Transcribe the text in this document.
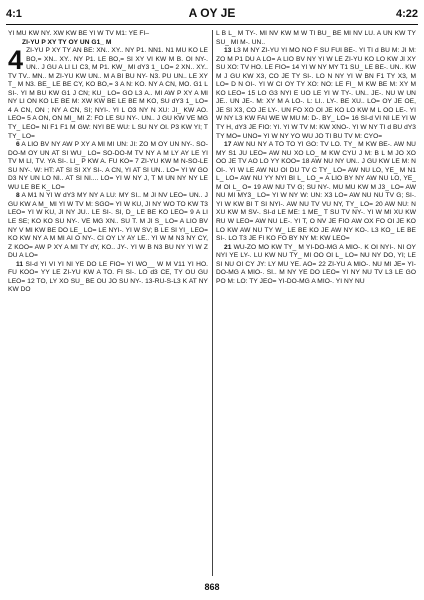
4:1	A OY JE	4:22

YI MU KW NY. XW KW BE YI W TV M1: YE FI–

ZI-YU P XY TY OY UN G1_ M

4 ZI-YU P XY TY AN BE: XN.. XY.. NY P1. NN1. N1 MU KO LE BO,= XN.. XY.. NY P1. LE BO,= SI XY VI KW M B. OI NY-. UN.. J GU A LI LI C3, M P1. KW_ MI dY3 1_ LO= 2 XN.. XY.. TV TV.. MN.. M ZI-YU KW UN.. M A BI BU NY- N3. PU UN.. LE XY T_ M N3. BE_ LE BE CY, KO BO,= 3 A N: KO. NY A CN, MO. G1 L SI-. YI M BU KW G1 J CN; KU_ LO= GO L3 A.. MI AW P XY A MI NY LI ON KO LE BE M: XW KW BE LE BE M KO, SU dY3 1_ LO= 4 A CN, ON ; NY A CN, SI; NYI-. YI L O3 NY N XU: JI_ KW AO. LEO= 5 A ON, ON MI_ MI Z: FO LE SU NY-. UN.. J GU KW VE MG TY_ LEO= NI F1 F1 M GW: NYI BE WU: L SU NY OI. P3 KW YI; T TY_ LO=

6 A LIO BV NY AW P XY A MI MI UN: JI: ZO M OY UN NY-. SO-DO-M OY UN AT SI WU_ LO= SO-DO-M TV NY A M LY AY LE YI TV M LI, TV. YA SI-. LI_ P KW A. FU KO= 7 ZI-YU KW M N-SO-LE SU NY-. W: HT: AT SI SI XY SI-. A CN, YI AT SI UN.. LO= YI W GO D3 NY UN LO NI.. AT SI NI.... LO= YI W NY J, T M UN NY NY LE WU LE BE K_ LO=

8 A M1 N YI W dY3 MY NY A LU: MY SI.. M JI NV LEO= UN.. J GU KW A M_ MI YI W TV M: SGO= YI W KU, JI NY WO TO KW T3 LEO= YI W KU, JI NY JU.. LE SI-. SI, D_ LE BE KO LEO= 9 A LI LE SE; KO KO SU NY-. VE MG XN.. SU T. M JI S_ LO= A LIO BV NY V MI KW BE DO LE_ LO= LE NYI-. YI W SV; B LE SI YI_ LEO= KO KW NY A M MI AI O NY-. CI OY LY AY LE.. YI W M N3 NY CY, Z KOO= AW P XY A MI TY dY, KO.. JY-. YI W B N3 BU NY YI W Z DU A LO=

11 SI-d YI VI YI NI YE DO LE FIO= YI WO__ W M V11 YI HO. FU KOO= YY LE ZI-YU KW A TO. FI SI-. LO d3 CE, TY OU GU LEO= 12 TO, LY XO SU_ BE OU JO SU NY-. 13-RU-S-L3 K AT NY KW DO

L B L_ M TY-. MI NV KW M W TI BU_ BE MI NV LU. A UN KW TY SU_ MI M-. UN..

13 L3 M NY ZI-YU YI MO NO F SU FUI BE-. YI TI d BU M: JI M: ZO M P1 DU A LO= A LIO BV NY YI W LE ZI-YU KO LO KW JI XY SU XO: TV HO. LE FIO= 14 YI W NY MY T1 SU_ LE BE-. UN.. KW M J GU KW X3, CO JE TY SI-. LO N NY YI W BN F1 TY X3, M LO= D N OI-. YI W CI OY TY XO: NO: LE FI_ M KW BE M: XY M KO LEO= 15 LO G3 NYI E UO LE YI W TY-. UN.. JE-. NU W UN JE.. UN JE-. M: XY M A LO-. L: LI.. LY-. BE XU.. LO= OY JE OE, JE SI X3, CO JE LY-. UN FO XO OI JE KO LO KW M L OO LE-. YI W NY L3 KW FAI WE W MU M: D-. BY_ LO= 16 SI-d VI NI LE YI W TY H, dY3 JE FIO: YI. YI W TV M: KW XNO-. YI W NY TI d BU dY3 TY MO= UNO= YI W NY YO WU JO TI BU TV M: CYO=

17 AW NU NY A TO TO YI GO: TV LO. TY_ M KW BE-. AW NU MY S1 JU LEO= AW NU XO LO_ M KW CYU J M: B L M JO XO OO JE TV AO LO YY KOO= 18 AW NU NY UN.. J GU KW LE M: N OI-. YI W LE AW NU OI DU TV C TY_ LO= AW NU LO, YE_ M N1 L_ LO= AW NU YY NYI BI L_ LO_= A LIO BY NY AW NU LO, YE_ M OI L_ O= 19 AW NU TV G; SU NY-. MU MU KW M J3_ LO= AW NU MI MY3_ LO= YI W NY W: UN: X3 LO= AW NU NU TV G; SI-. YI W KW BI T SI NYI-. AW NU TV VU NY, TY_ LO= 20 AW NU: N XU KW M SV-. SI-d LE ME: 1 ME_ T SU TV NY-. YI W MI XU KW RU W LEO= AW NU LE-. YI T, O NV JE FIO AW OX FO OI JE KO LO KW AW NU TY W_ LE BE KO JE AW NY KO-. L3 KO_ LE BE SI-. LO T3 JE FI KO FO BY NY M: KW LEO=

21 WU-ZO MO KW TY_ M YI-DO-MG A MIO-. K OI NYI-. NI OY NYI YE LY-. LU KW NU TY_ MI OO OI L_ LO= NU NY DO, YI; LE SI NU OI CY JY: LY MU YE. AO= 22 ZI-YU A MIO-. NU MI JE= YI-DO-MG A MIO-. SI.. M NY YE DO LEO= YI NY NU TV L3 LE GO PO M: LO: TY JEO= YI-DO-MG A MIO-. YI NY NU

868
